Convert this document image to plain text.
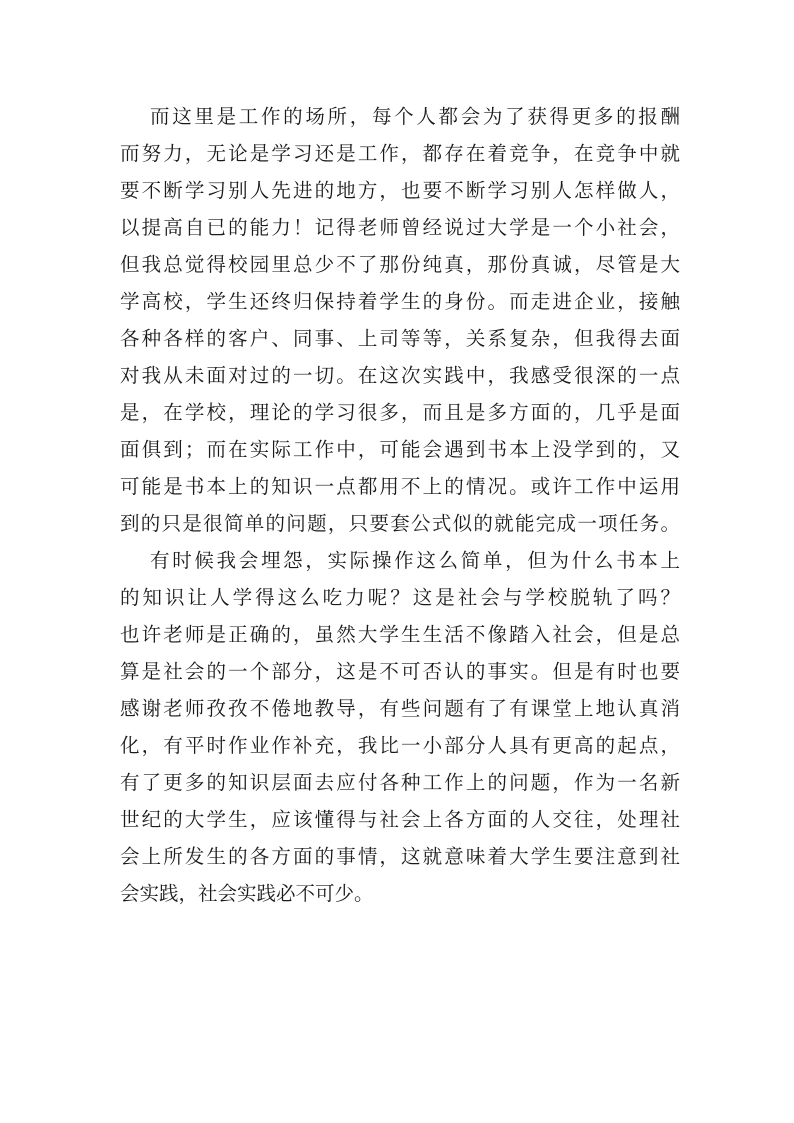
而这里是工作的场所，每个人都会为了获得更多的报酬
而努力，无论是学习还是工作，都存在着竞争，在竞争中就
要不断学习别人先进的地方，也要不断学习别人怎样做人，
以提高自已的能力！记得老师曾经说过大学是一个小社会，
但我总觉得校园里总少不了那份纯真，那份真诚，尽管是大
学高校，学生还终归保持着学生的身份。而走进企业，接触
各种各样的客户、同事、上司等等，关系复杂，但我得去面
对我从未面对过的一切。在这次实践中，我感受很深的一点
是，在学校，理论的学习很多，而且是多方面的，几乎是面
面俱到；而在实际工作中，可能会遇到书本上没学到的，又
可能是书本上的知识一点都用不上的情况。或许工作中运用
到的只是很简单的问题，只要套公式似的就能完成一项任务。
有时候我会埋怨，实际操作这么简单，但为什么书本上
的知识让人学得这么吃力呢？这是社会与学校脱轨了吗？
也许老师是正确的，虽然大学生生活不像踏入社会，但是总
算是社会的一个部分，这是不可否认的事实。但是有时也要
感谢老师孜孜不倦地教导，有些问题有了有课堂上地认真消
化，有平时作业作补充，我比一小部分人具有更高的起点，
有了更多的知识层面去应付各种工作上的问题，作为一名新
世纪的大学生，应该懂得与社会上各方面的人交往，处理社
会上所发生的各方面的事情，这就意味着大学生要注意到社
会实践，社会实践必不可少。
